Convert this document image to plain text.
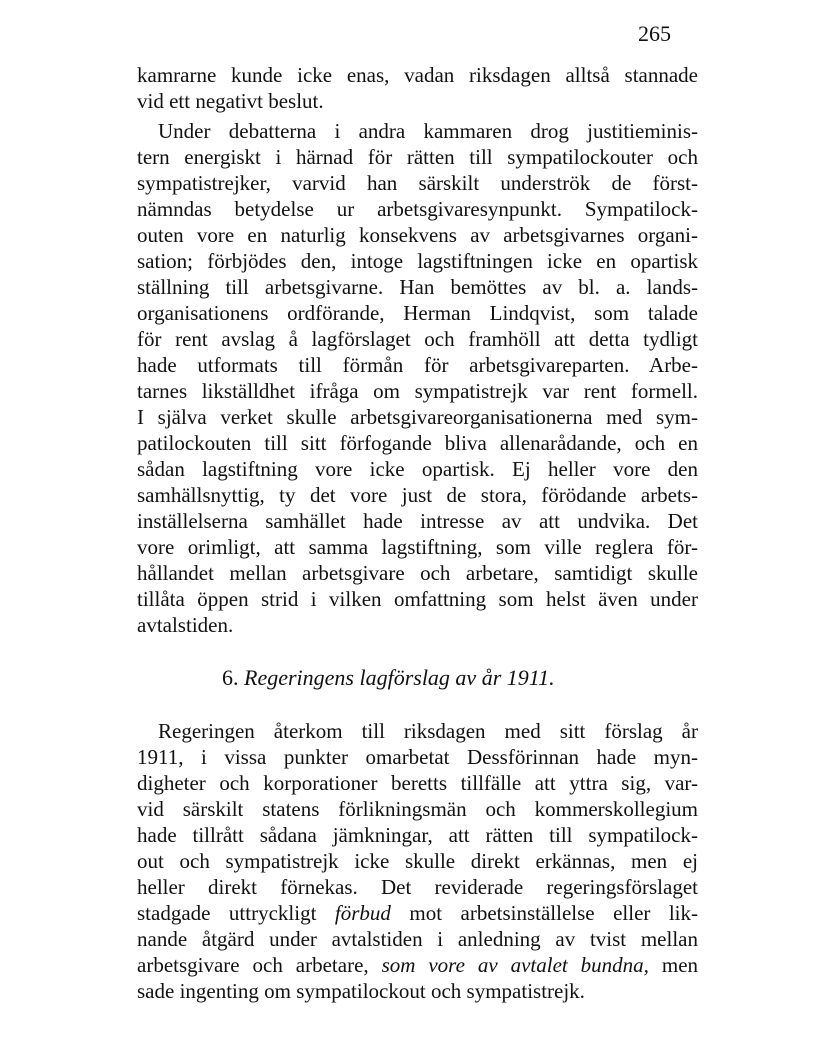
265
kamrarne kunde icke enas, vadan riksdagen alltså stannade
vid ett negativt beslut.
Under debatterna i andra kammaren drog justitieminis-
tern energiskt i härnad för rätten till sympatilockouter och
sympatistrejker, varvid han särskilt underströk de först-
nämndas betydelse ur arbetsgivaresynpunkt. Sympatilock-
outen vore en naturlig konsekvens av arbetsgivarnes organi-
sation; förbjödes den, intoge lagstiftningen icke en opartisk
ställning till arbetsgivarne. Han bemöttes av bl. a. lands-
organisationens ordförande, Herman Lindqvist, som talade
för rent avslag å lagförslaget och framhöll att detta tydligt
hade utformats till förmån för arbetsgivareparten. Arbe-
tarnes likställdhet ifråga om sympatistrejk var rent formell.
I själva verket skulle arbetsgivareorganisationerna med sym-
patilockouten till sitt förfogande bliva allenarådande, och en
sådan lagstiftning vore icke opartisk. Ej heller vore den
samhällsnyttig, ty det vore just de stora, förödande arbets-
inställelserna samhället hade intresse av att undvika. Det
vore orimligt, att samma lagstiftning, som ville reglera för-
hållandet mellan arbetsgivare och arbetare, samtidigt skulle
tillåta öppen strid i vilken omfattning som helst även under
avtalstiden.
6. Regeringens lagförslag av år 1911.
Regeringen återkom till riksdagen med sitt förslag år
1911, i vissa punkter omarbetat Dessförinnan hade myn-
digheter och korporationer beretts tillfälle att yttra sig, var-
vid särskilt statens förlikningsmän och kommerskollegium
hade tillrått sådana jämkningar, att rätten till sympatilock-
out och sympatistrejk icke skulle direkt erkännas, men ej
heller direkt förnekas. Det reviderade regeringsförslaget
stadgade uttryckligt förbud mot arbetsinställelse eller lik-
nande åtgärd under avtalstiden i anledning av tvist mellan
arbetsgivare och arbetare, som vore av avtalet bundna, men
sade ingenting om sympatilockout och sympatistrejk.
